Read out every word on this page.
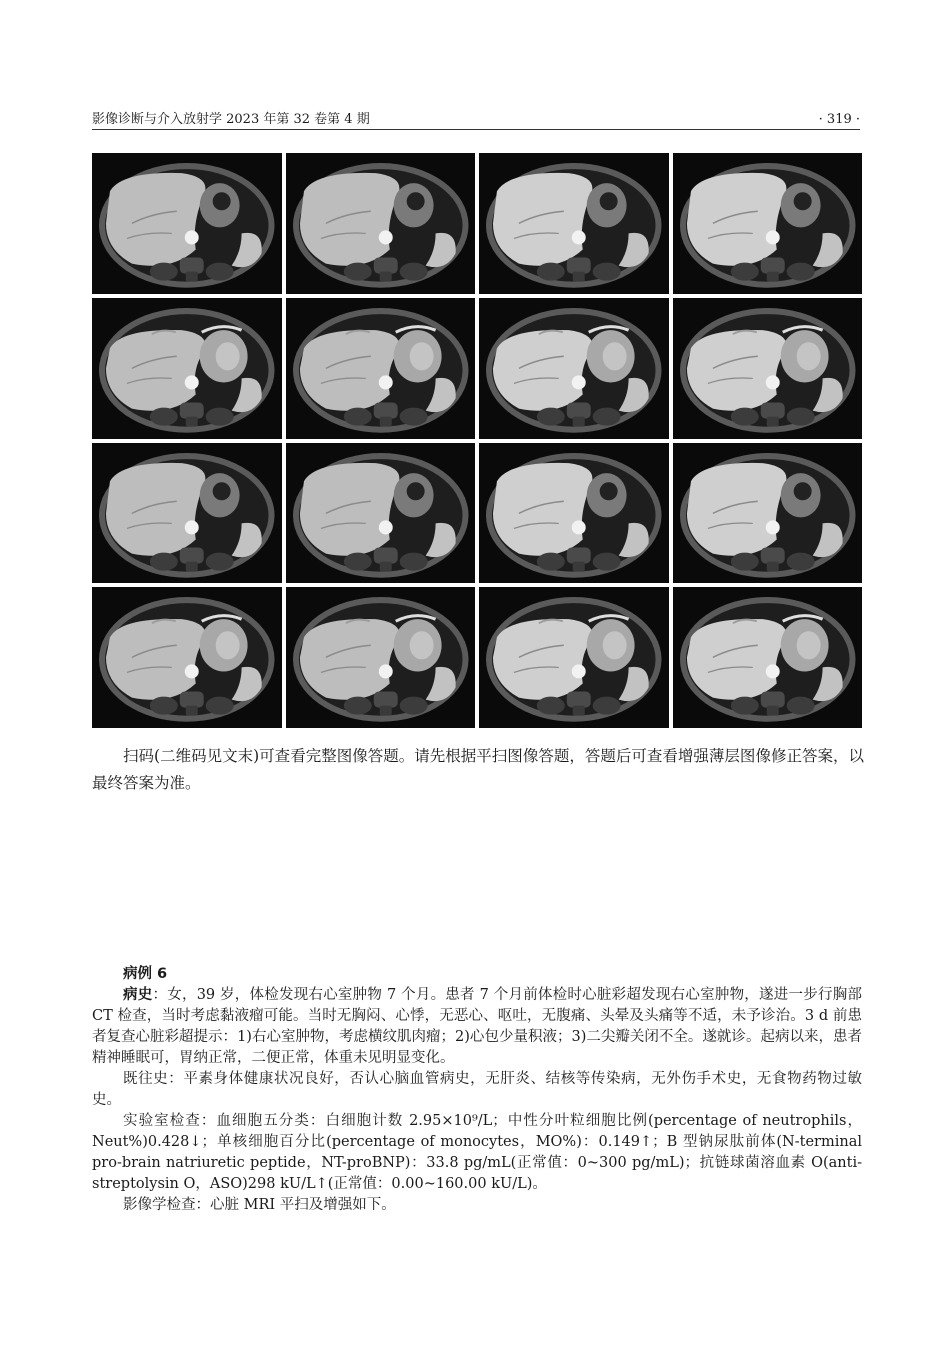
影像诊断与介入放射学 2023 年第 32 卷第 4 期	· 319 ·
扫码(二维码见文末)可查看完整图像答题。请先根据平扫图像答题，答题后可查看增强薄层图像修正答案，以最终答案为准。
病例 6

病史：女，39 岁，体检发现右心室肿物 7 个月。患者 7 个月前体检时心脏彩超发现右心室肿物，遂进一步行胸部 CT 检查，当时考虑黏液瘤可能。当时无胸闷、心悸，无恶心、呕吐，无腹痛、头晕及头痛等不适，未予诊治。3 d 前患者复查心脏彩超提示：1)右心室肿物，考虑横纹肌肉瘤；2)心包少量积液；3)二尖瓣关闭不全。遂就诊。起病以来，患者精神睡眠可，胃纳正常，二便正常，体重未见明显变化。

既往史：平素身体健康状况良好，否认心脑血管病史，无肝炎、结核等传染病，无外伤手术史，无食物药物过敏史。

实验室检查：血细胞五分类：白细胞计数 2.95×10⁹/L；中性分叶粒细胞比例(percentage of neutrophils，Neut%)0.428↓；单核细胞百分比(percentage of monocytes，MO%)：0.149↑；B 型钠尿肽前体(N-terminal pro-brain natriuretic peptide，NT-proBNP)：33.8 pg/mL(正常值：0~300 pg/mL)；抗链球菌溶血素 O(anti-streptolysin O，ASO)298 kU/L↑(正常值：0.00~160.00 kU/L)。

影像学检查：心脏 MRI 平扫及增强如下。
